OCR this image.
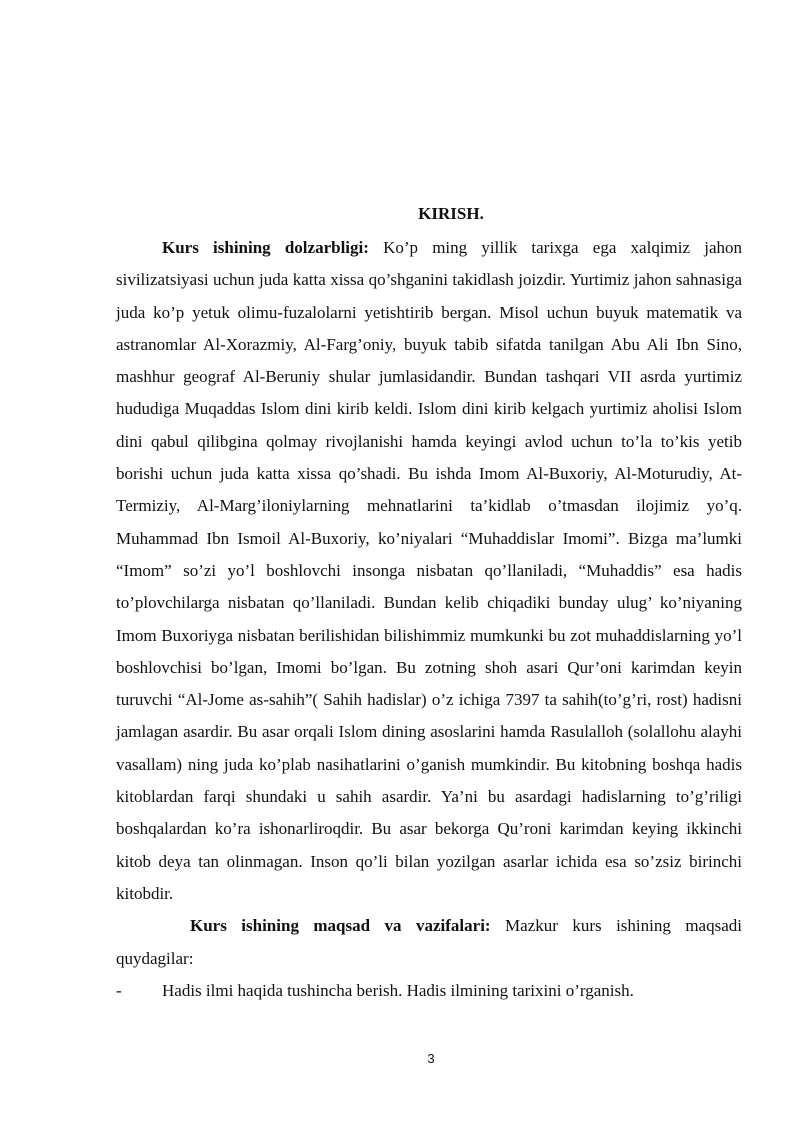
KIRISH.

Kurs ishining dolzarbligi: Ko’p ming yillik tarixga ega xalqimiz jahon sivilizatsiyasi uchun juda katta xissa qo’shganini takidlash joizdir. Yurtimiz jahon sahnasiga juda ko’p yetuk olimu-fuzalolarni yetishtirib bergan. Misol uchun buyuk matematik va astranomlar Al-Xorazmiy, Al-Farg’oniy, buyuk tabib sifatda tanilgan Abu Ali Ibn Sino, mashhur geograf Al-Beruniy shular jumlasidandir. Bundan tashqari VII asrda yurtimiz hududiga Muqaddas Islom dini kirib keldi. Islom dini kirib kelgach yurtimiz aholisi Islom dini qabul qilibgina qolmay rivojlanishi hamda keyingi avlod uchun to’la to’kis yetib borishi uchun juda katta xissa qo’shadi. Bu ishda Imom Al-Buxoriy, Al-Moturudiy, At-Termiziy, Al-Marg’iloniylarning mehnatlarini ta’kidlab o’tmasdan ilojimiz yo’q. Muhammad Ibn Ismoil Al-Buxoriy, ko’niyalari “Muhaddislar Imomi”. Bizga ma’lumki “Imom” so’zi yo’l boshlovchi insonga nisbatan qo’llaniladi, “Muhaddis” esa hadis to’plovchilarga nisbatan qo’llaniladi. Bundan kelib chiqadiki bunday ulug’ ko’niyaning Imom Buxoriyga nisbatan berilishidan bilishimmiz mumkunki bu zot muhaddislarning yo’l boshlovchisi bo’lgan, Imomi bo’lgan. Bu zotning shoh asari Qur’oni karimdan keyin turuvchi “Al-Jome as-sahih”( Sahih hadislar) o’z ichiga 7397 ta sahih(to’g’ri, rost) hadisni jamlagan asardir. Bu asar orqali Islom dining asoslarini hamda Rasulalloh (solallohu alayhi vasallam) ning juda ko’plab nasihatlarini o’ganish mumkindir. Bu kitobning boshqa hadis kitoblardan farqi shundaki u sahih asardir. Ya’ni bu asardagi hadislarning to’g’riligi boshqalardan ko’ra ishonarliroqdir. Bu asar bekorga Qu’roni karimdan keying ikkinchi kitob deya tan olinmagan. Inson qo’li bilan yozilgan asarlar ichida esa so’zsiz birinchi kitobdir.

Kurs ishining maqsad va vazifalari: Mazkur kurs ishining maqsadi quydagilar:

- Hadis ilmi haqida tushincha berish. Hadis ilmining tarixini o’rganish.

3
